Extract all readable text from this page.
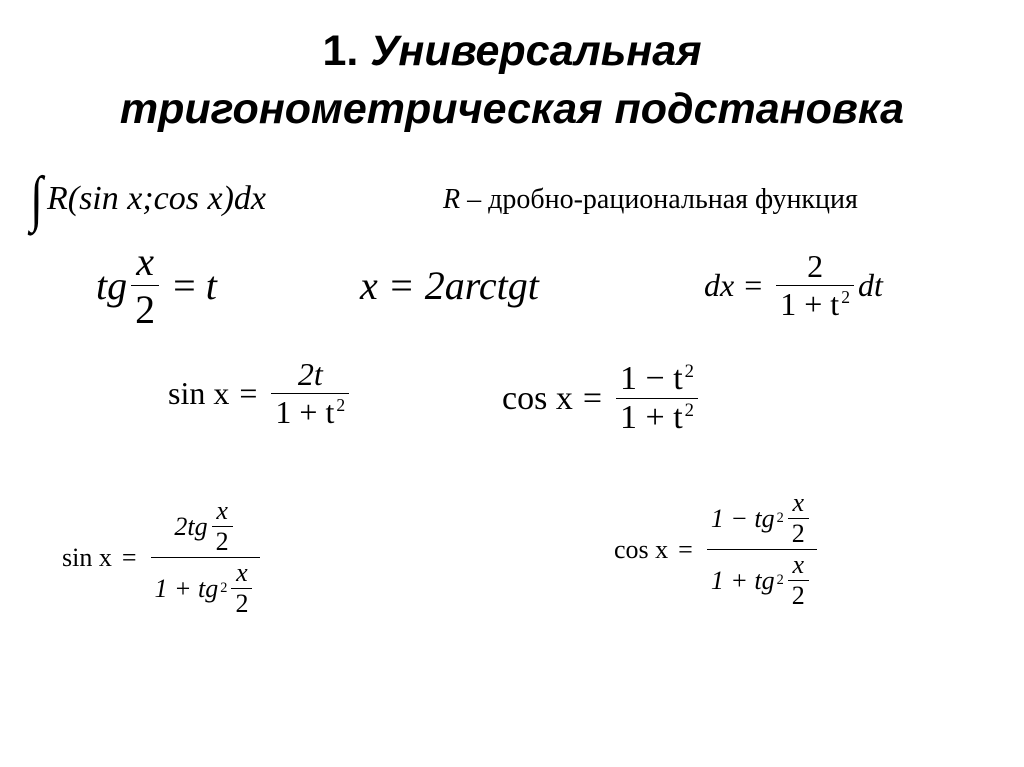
1. Универсальная
тригонометрическая подстановка
∫ R(sin x;cos x)dx	R
– дробно-рациональная функция
tg $\frac{x}{2} = t$	x = 2arctgt	dx = $\frac{2}{1 + t ^2}$ dt
$\sin x = \frac{2t}{1 + t ^2}$	$\cos x = \frac{1 - t ^2}{1 + t ^2}$
$\sin x = \frac{2tg \frac{x}{2}}{1 + tg 2 \frac{x}{2}}$	$\cos x = \frac{1 - tg 2 \frac{x}{2}}{1 + tg 2 \frac{x}{2}}$
